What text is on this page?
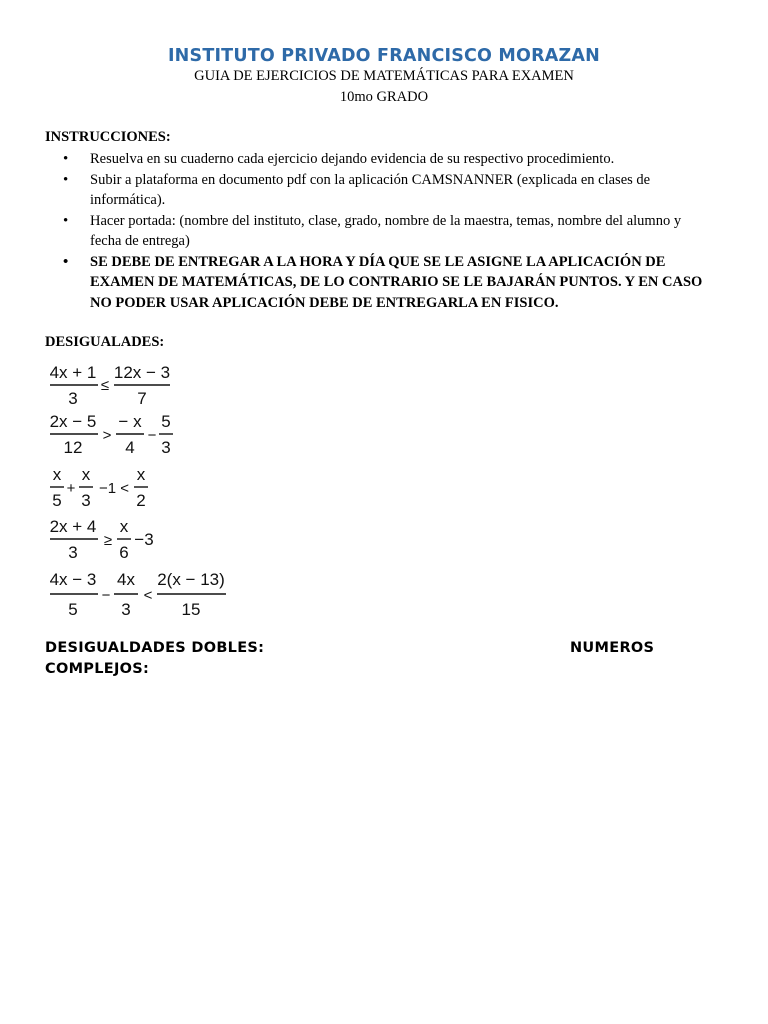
INSTITUTO PRIVADO FRANCISCO MORAZAN
GUIA DE EJERCICIOS DE MATEMÁTICAS PARA EXAMEN
10mo GRADO
INSTRUCCIONES:
• Resuelva en su cuaderno cada ejercicio dejando evidencia de su respectivo procedimiento.
• Subir a plataforma en documento pdf con la aplicación CAMSNANNER (explicada en clases de informática).
• Hacer portada: (nombre del instituto, clase, grado, nombre de la maestra, temas, nombre del alumno y fecha de entrega)
• SE DEBE DE ENTREGAR A LA HORA Y DÍA QUE SE LE ASIGNE LA APLICACIÓN DE EXAMEN DE MATEMÁTICAS, DE LO CONTRARIO SE LE BAJARÁN PUNTOS. Y EN CASO NO PODER USAR APLICACIÓN DEBE DE ENTREGARLA EN FISICO.
DESIGUALADES:
4x + 1
3
≤
12x − 3
7
2x − 5
12
>
− x
4
−
5
3
x
5
+
x
3
−1 <
x
2
2x + 4
3
≥
x
6
−3
4x − 3
5
−
4x
3
<
2(x − 13)
15
DESIGUALDADES DOBLES:	NUMEROS

COMPLEJOS:
